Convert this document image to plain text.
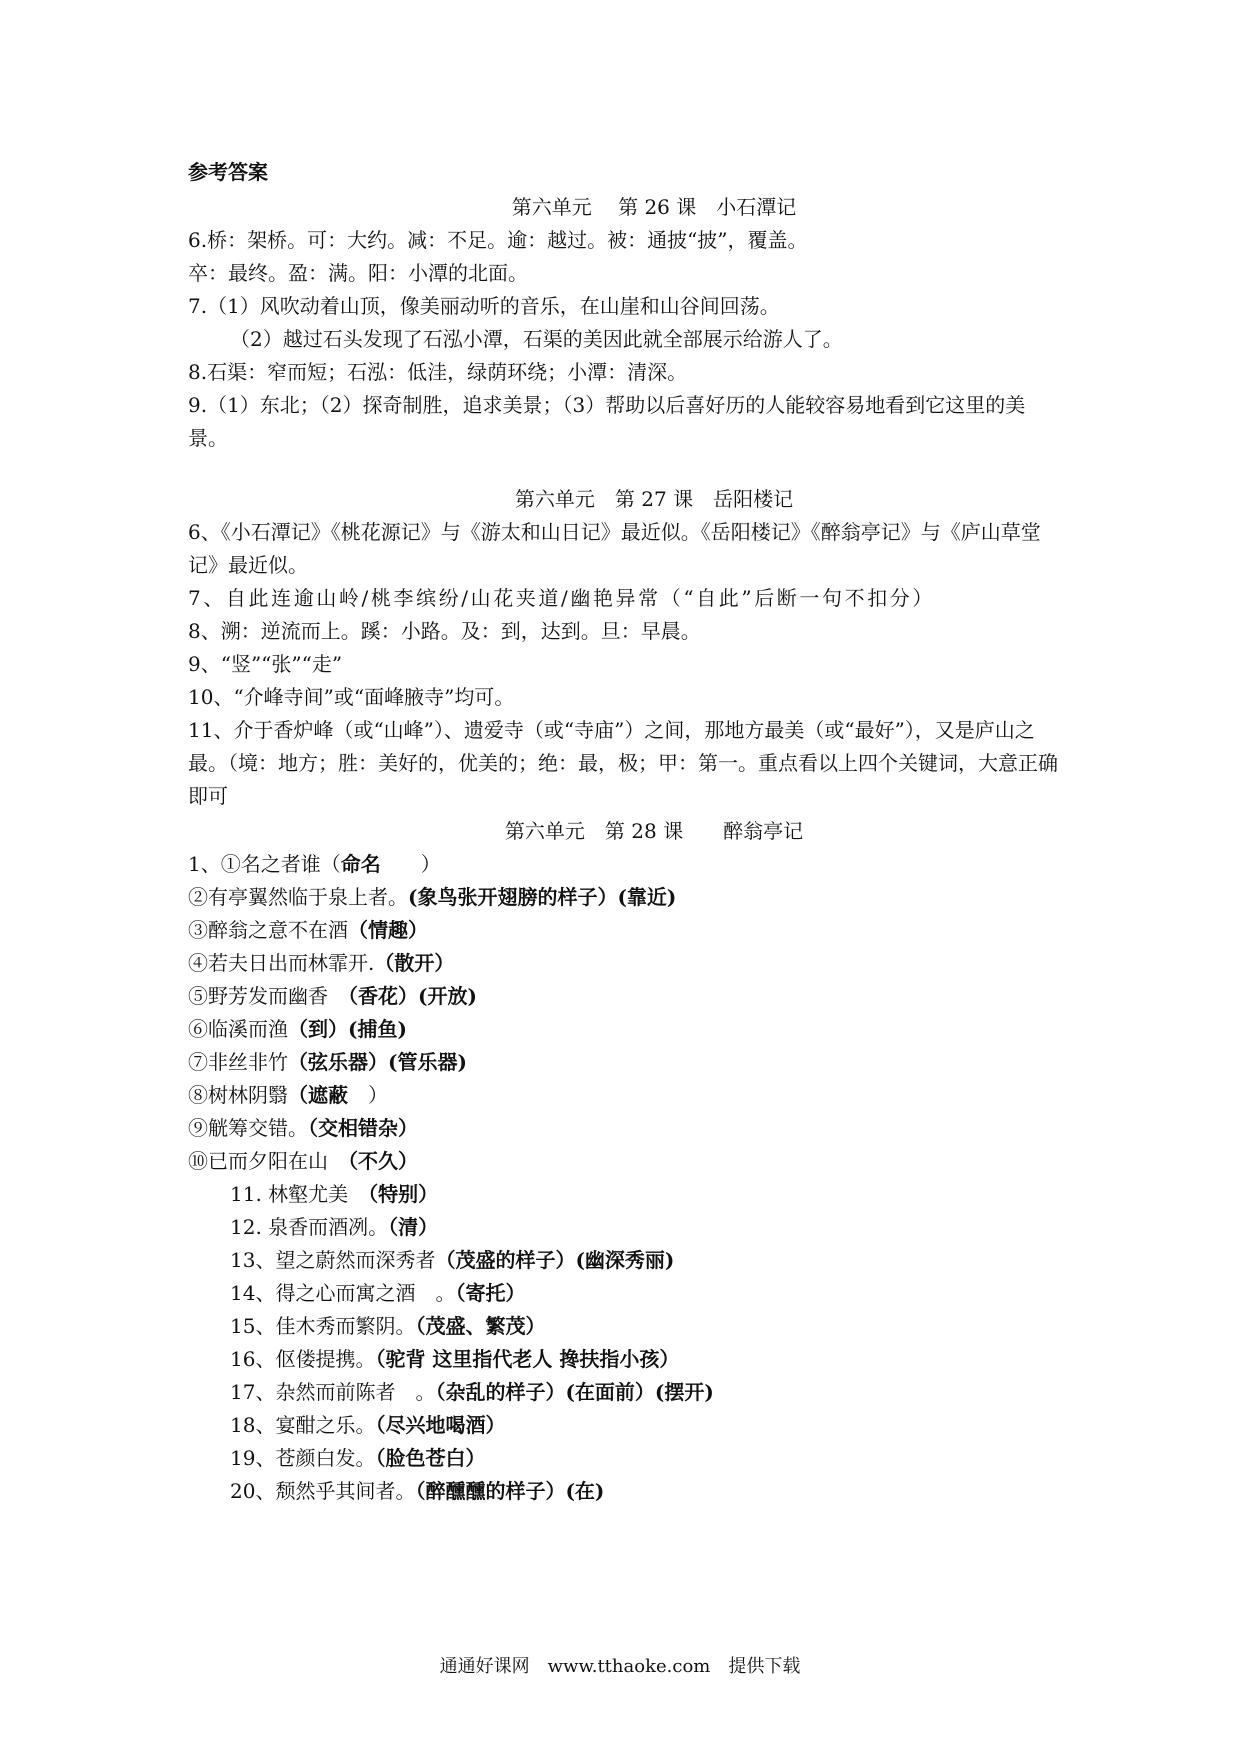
参考答案
第六单元　 第 26 课　小石潭记
6.桥：架桥。可：大约。减：不足。逾：越过。被：通披“披”，覆盖。
卒：最终。盈：满。阳：小潭的北面。
7.（1）风吹动着山顶，像美丽动听的音乐，在山崖和山谷间回荡。
（2）越过石头发现了石泓小潭，石渠的美因此就全部展示给游人了。
8.石渠：窄而短；石泓：低洼，绿荫环绕；小潭：清深。
9.（1）东北；（2）探奇制胜，追求美景；（3）帮助以后喜好历的人能较容易地看到它这里的美景。
第六单元　第 27 课　岳阳楼记
6、《小石潭记》《桃花源记》与《游太和山日记》最近似。《岳阳楼记》《醉翁亭记》与《庐山草堂记》最近似。
7、自此连逾山岭/桃李缤纷/山花夹道/幽艳异常（“自此”后断一句不扣分）
8、溯：逆流而上。蹊：小路。及：到，达到。旦：早晨。
9、“竖”“张”“走”
10、“介峰寺间”或“面峰腋寺”均可。
11、介于香炉峰（或“山峰”）、遗爱寺（或“寺庙”）之间，那地方最美（或“最好”），又是庐山之最。（境：地方；胜：美好的，优美的；绝：最，极；甲：第一。重点看以上四个关键词，大意正确即可
第六单元　第 28 课　　醉翁亭记
1、①名之者谁（命名　　）
②有亭翼然临于泉上者。(象鸟张开翅膀的样子）(靠近)
③醉翁之意不在酒（情趣）
④若夫日出而林霏开.（散开）
⑤野芳发而幽香　（香花）(开放)
⑥临溪而渔（到）(捕鱼)
⑦非丝非竹（弦乐器）(管乐器)
⑧树林阴翳（遮蔽　）
⑨觥筹交错。（交相错杂）
⑩已而夕阳在山　（不久）
11. 林壑尤美　（特别）
12. 泉香而酒冽。（清）
13、望之蔚然而深秀者（茂盛的样子）(幽深秀丽)
14、得之心而寓之酒　。（寄托）
15、佳木秀而繁阴。（茂盛、繁茂）
16、伛偻提携。（驼背 这里指代老人 搀扶指小孩）
17、杂然而前陈者　。（杂乱的样子）(在面前）(摆开)
18、宴酣之乐。（尽兴地喝酒）
19、苍颜白发。（脸色苍白）
20、颓然乎其间者。（醉醺醺的样子）(在)
通通好课网　www.tthaoke.com　提供下载
